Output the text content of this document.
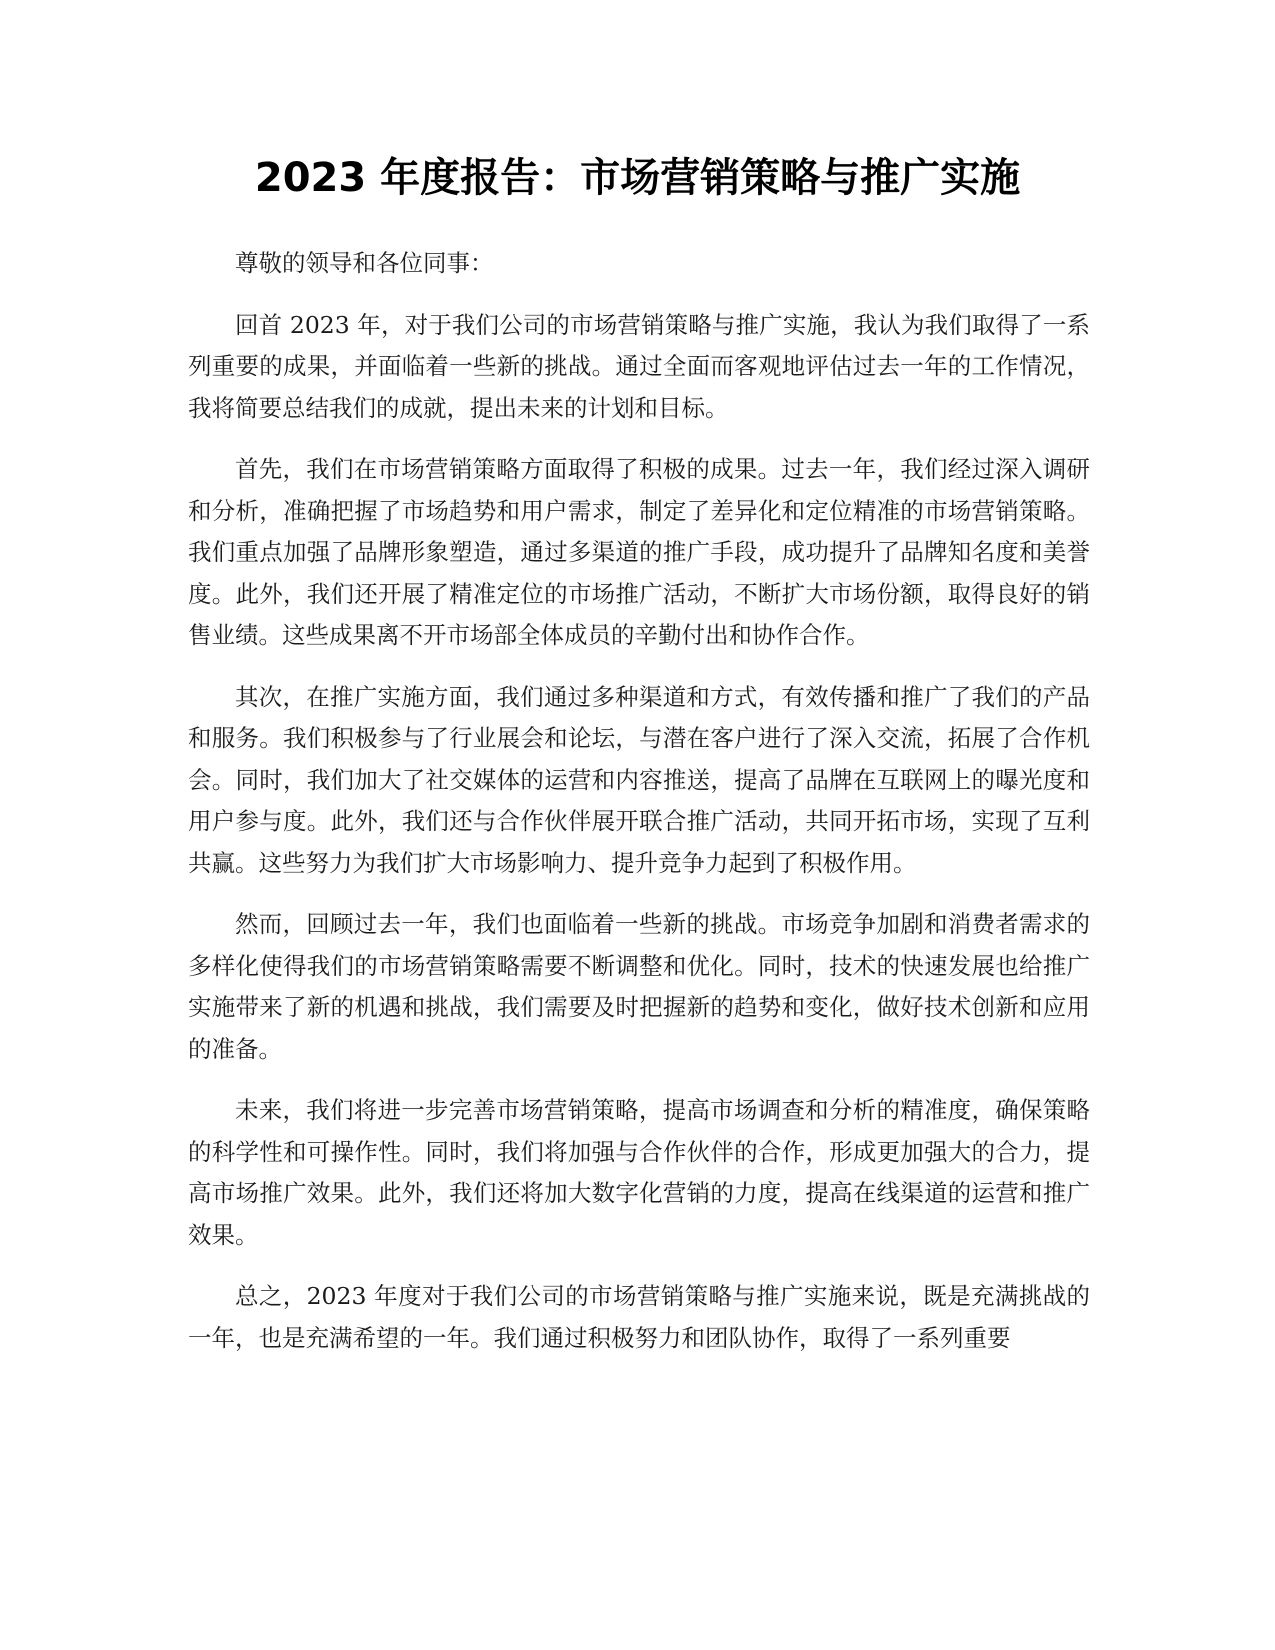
2023 年度报告：市场营销策略与推广实施

尊敬的领导和各位同事：

回首 2023 年，对于我们公司的市场营销策略与推广实施，我认为我们取得了一系列重要的成果，并面临着一些新的挑战。通过全面而客观地评估过去一年的工作情况，我将简要总结我们的成就，提出未来的计划和目标。

首先，我们在市场营销策略方面取得了积极的成果。过去一年，我们经过深入调研和分析，准确把握了市场趋势和用户需求，制定了差异化和定位精准的市场营销策略。我们重点加强了品牌形象塑造，通过多渠道的推广手段，成功提升了品牌知名度和美誉度。此外，我们还开展了精准定位的市场推广活动，不断扩大市场份额，取得良好的销售业绩。这些成果离不开市场部全体成员的辛勤付出和协作合作。

其次，在推广实施方面，我们通过多种渠道和方式，有效传播和推广了我们的产品和服务。我们积极参与了行业展会和论坛，与潜在客户进行了深入交流，拓展了合作机会。同时，我们加大了社交媒体的运营和内容推送，提高了品牌在互联网上的曝光度和用户参与度。此外，我们还与合作伙伴展开联合推广活动，共同开拓市场，实现了互利共赢。这些努力为我们扩大市场影响力、提升竞争力起到了积极作用。

然而，回顾过去一年，我们也面临着一些新的挑战。市场竞争加剧和消费者需求的多样化使得我们的市场营销策略需要不断调整和优化。同时，技术的快速发展也给推广实施带来了新的机遇和挑战，我们需要及时把握新的趋势和变化，做好技术创新和应用的准备。

未来，我们将进一步完善市场营销策略，提高市场调查和分析的精准度，确保策略的科学性和可操作性。同时，我们将加强与合作伙伴的合作，形成更加强大的合力，提高市场推广效果。此外，我们还将加大数字化营销的力度，提高在线渠道的运营和推广效果。

总之，2023 年度对于我们公司的市场营销策略与推广实施来说，既是充满挑战的一年，也是充满希望的一年。我们通过积极努力和团队协作，取得了一系列重要
